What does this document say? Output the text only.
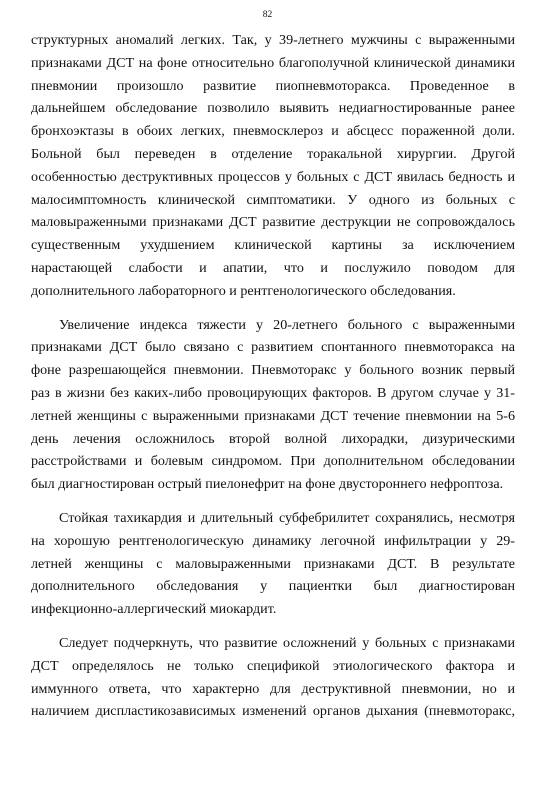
82
структурных аномалий легких. Так, у 39-летнего мужчины с выраженными
признаками ДСТ на фоне относительно благополучной клинической динамики
пневмонии произошло развитие пиопневмоторакса. Проведенное в
дальнейшем обследование позволило выявить недиагностированные ранее
бронхоэктазы в обоих легких, пневмосклероз и абсцесс пораженной доли.
Больной был переведен в отделение торакальной хирургии. Другой
особенностью деструктивных процессов у больных с ДСТ явилась бедность и
малосимптомность клинической симптоматики. У одного из больных с
маловыраженными признаками ДСТ развитие деструкции не сопровождалось
существенным ухудшением клинической картины за исключением
нарастающей слабости и апатии, что и послужило поводом для
дополнительного лабораторного и рентгенологического обследования.
Увеличение индекса тяжести у 20-летнего больного с выраженными
признаками ДСТ было связано с развитием спонтанного пневмоторакса на
фоне разрешающейся пневмонии. Пневмоторакс у больного возник первый
раз в жизни без каких-либо провоцирующих факторов. В другом случае у 31-
летней женщины с выраженными признаками ДСТ течение пневмонии на 5-6
день лечения осложнилось второй волной лихорадки, дизурическими
расстройствами и болевым синдромом. При дополнительном обследовании
был диагностирован острый пиелонефрит на фоне двустороннего нефроптоза.
Стойкая тахикардия и длительный субфебрилитет сохранялись, несмотря
на хорошую рентгенологическую динамику легочной инфильтрации у 29-
летней женщины с маловыраженными признаками ДСТ. В результате
дополнительного обследования у пациентки был диагностирован
инфекционно-аллергический миокардит.
Следует подчеркнуть, что развитие осложнений у больных с признаками
ДСТ определялось не только спецификой этиологического фактора и
иммунного ответа, что характерно для деструктивной пневмонии, но и
наличием диспластикозависимых изменений органов дыхания (пневмоторакс,
